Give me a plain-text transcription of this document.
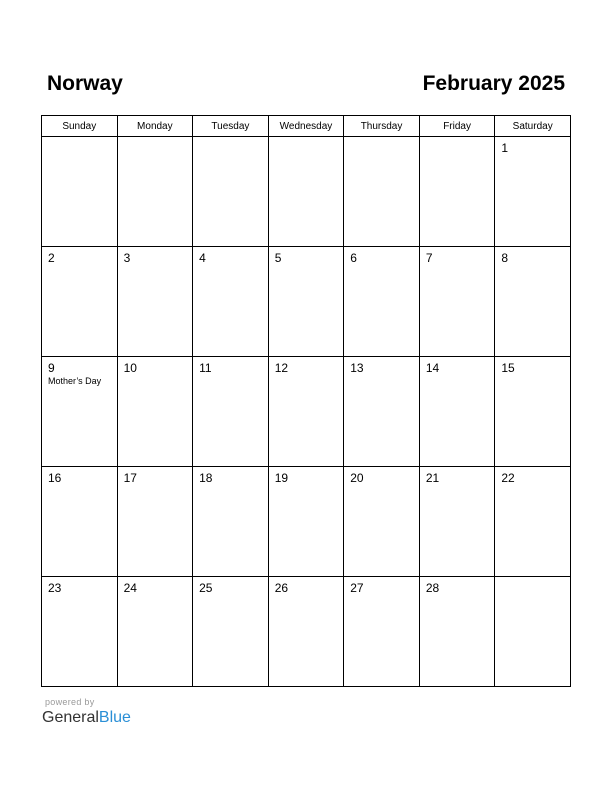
Norway	February 2025
Sunday	Monday	Tuesday	Wednesday	Thursday	Friday	Saturday

						1

2	3	4	5	6	7	8

9
Mother’s Day	10	11	12	13	14	15

16	17	18	19	20	21	22

23	24	25	26	27	28	

powered by
GeneralBlue
